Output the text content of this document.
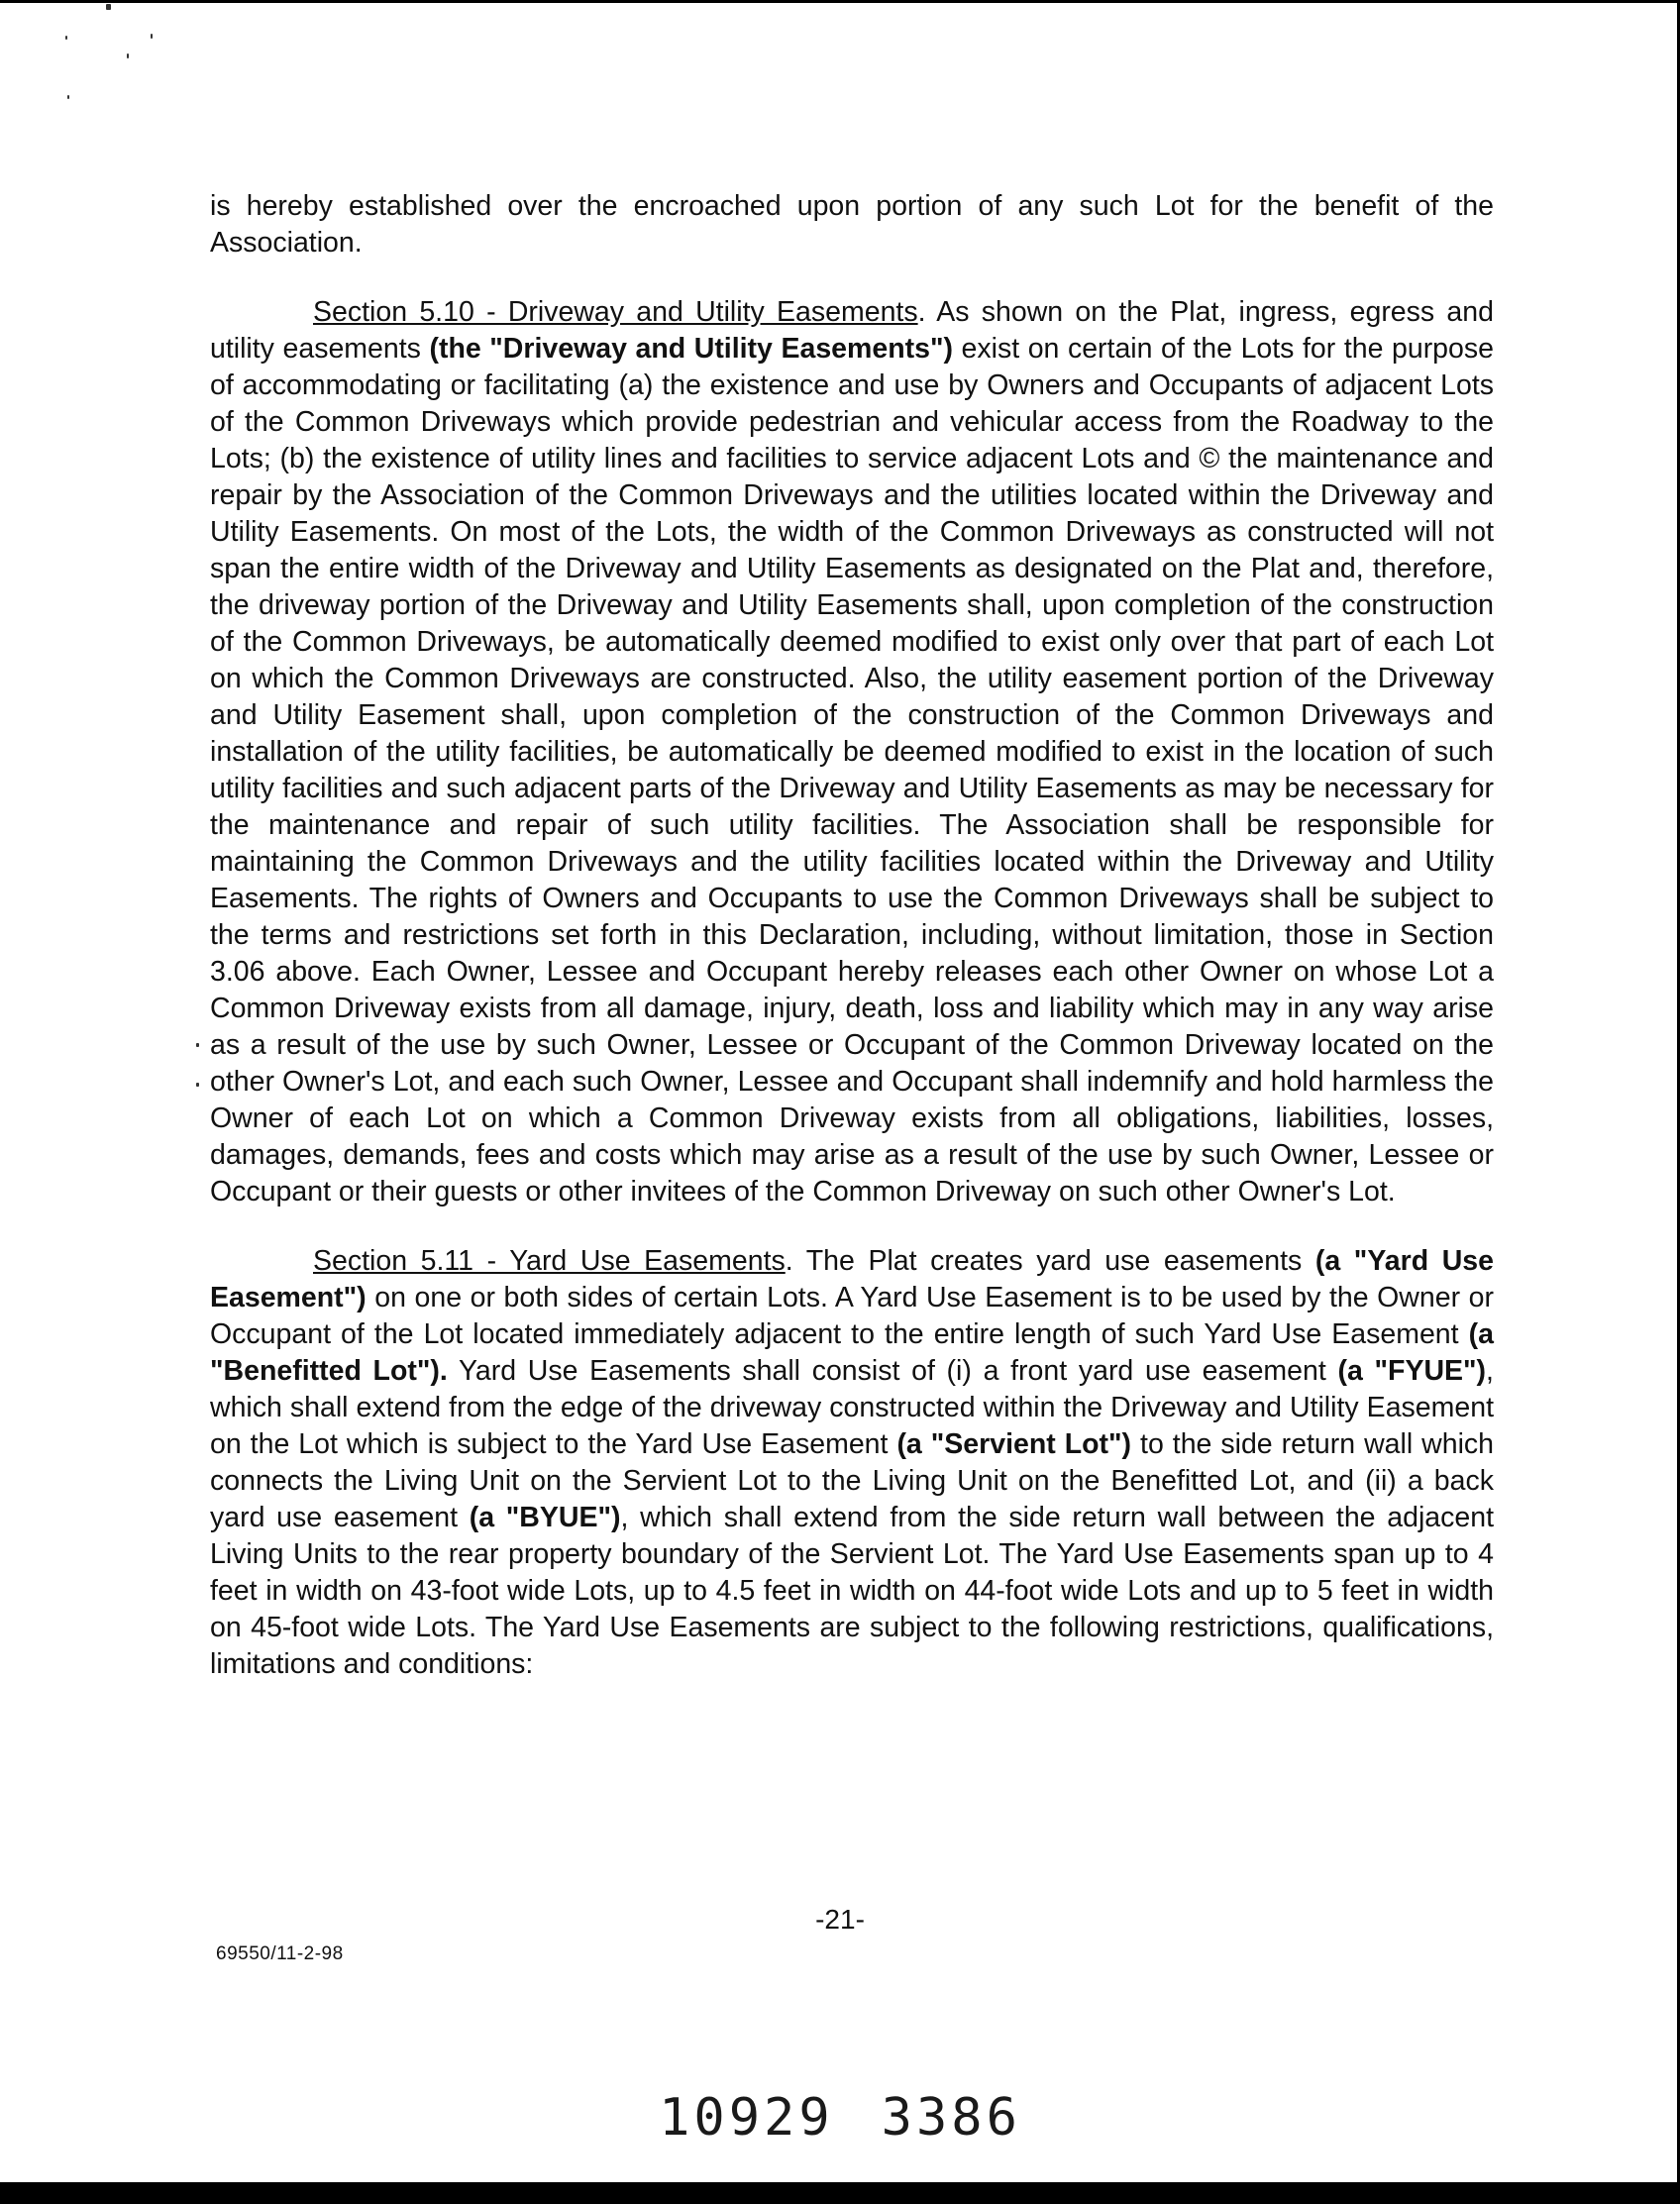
is hereby established over the encroached upon portion of any such Lot for the benefit of the Association.

Section 5.10 - Driveway and Utility Easements. As shown on the Plat, ingress, egress and utility easements (the "Driveway and Utility Easements") exist on certain of the Lots for the purpose of accommodating or facilitating (a) the existence and use by Owners and Occupants of adjacent Lots of the Common Driveways which provide pedestrian and vehicular access from the Roadway to the Lots; (b) the existence of utility lines and facilities to service adjacent Lots and © the maintenance and repair by the Association of the Common Driveways and the utilities located within the Driveway and Utility Easements. On most of the Lots, the width of the Common Driveways as constructed will not span the entire width of the Driveway and Utility Easements as designated on the Plat and, therefore, the driveway portion of the Driveway and Utility Easements shall, upon completion of the construction of the Common Driveways, be automatically deemed modified to exist only over that part of each Lot on which the Common Driveways are constructed. Also, the utility easement portion of the Driveway and Utility Easement shall, upon completion of the construction of the Common Driveways and installation of the utility facilities, be automatically be deemed modified to exist in the location of such utility facilities and such adjacent parts of the Driveway and Utility Easements as may be necessary for the maintenance and repair of such utility facilities. The Association shall be responsible for maintaining the Common Driveways and the utility facilities located within the Driveway and Utility Easements. The rights of Owners and Occupants to use the Common Driveways shall be subject to the terms and restrictions set forth in this Declaration, including, without limitation, those in Section 3.06 above. Each Owner, Lessee and Occupant hereby releases each other Owner on whose Lot a Common Driveway exists from all damage, injury, death, loss and liability which may in any way arise as a result of the use by such Owner, Lessee or Occupant of the Common Driveway located on the other Owner's Lot, and each such Owner, Lessee and Occupant shall indemnify and hold harmless the Owner of each Lot on which a Common Driveway exists from all obligations, liabilities, losses, damages, demands, fees and costs which may arise as a result of the use by such Owner, Lessee or Occupant or their guests or other invitees of the Common Driveway on such other Owner's Lot.

Section 5.11 - Yard Use Easements. The Plat creates yard use easements (a "Yard Use Easement") on one or both sides of certain Lots. A Yard Use Easement is to be used by the Owner or Occupant of the Lot located immediately adjacent to the entire length of such Yard Use Easement (a "Benefitted Lot"). Yard Use Easements shall consist of (i) a front yard use easement (a "FYUE"), which shall extend from the edge of the driveway constructed within the Driveway and Utility Easement on the Lot which is subject to the Yard Use Easement (a "Servient Lot") to the side return wall which connects the Living Unit on the Servient Lot to the Living Unit on the Benefitted Lot, and (ii) a back yard use easement (a "BYUE"), which shall extend from the side return wall between the adjacent Living Units to the rear property boundary of the Servient Lot. The Yard Use Easements span up to 4 feet in width on 43-foot wide Lots, up to 4.5 feet in width on 44-foot wide Lots and up to 5 feet in width on 45-foot wide Lots. The Yard Use Easements are subject to the following restrictions, qualifications, limitations and conditions:

-21-
69550/11-2-98
10929 3386
